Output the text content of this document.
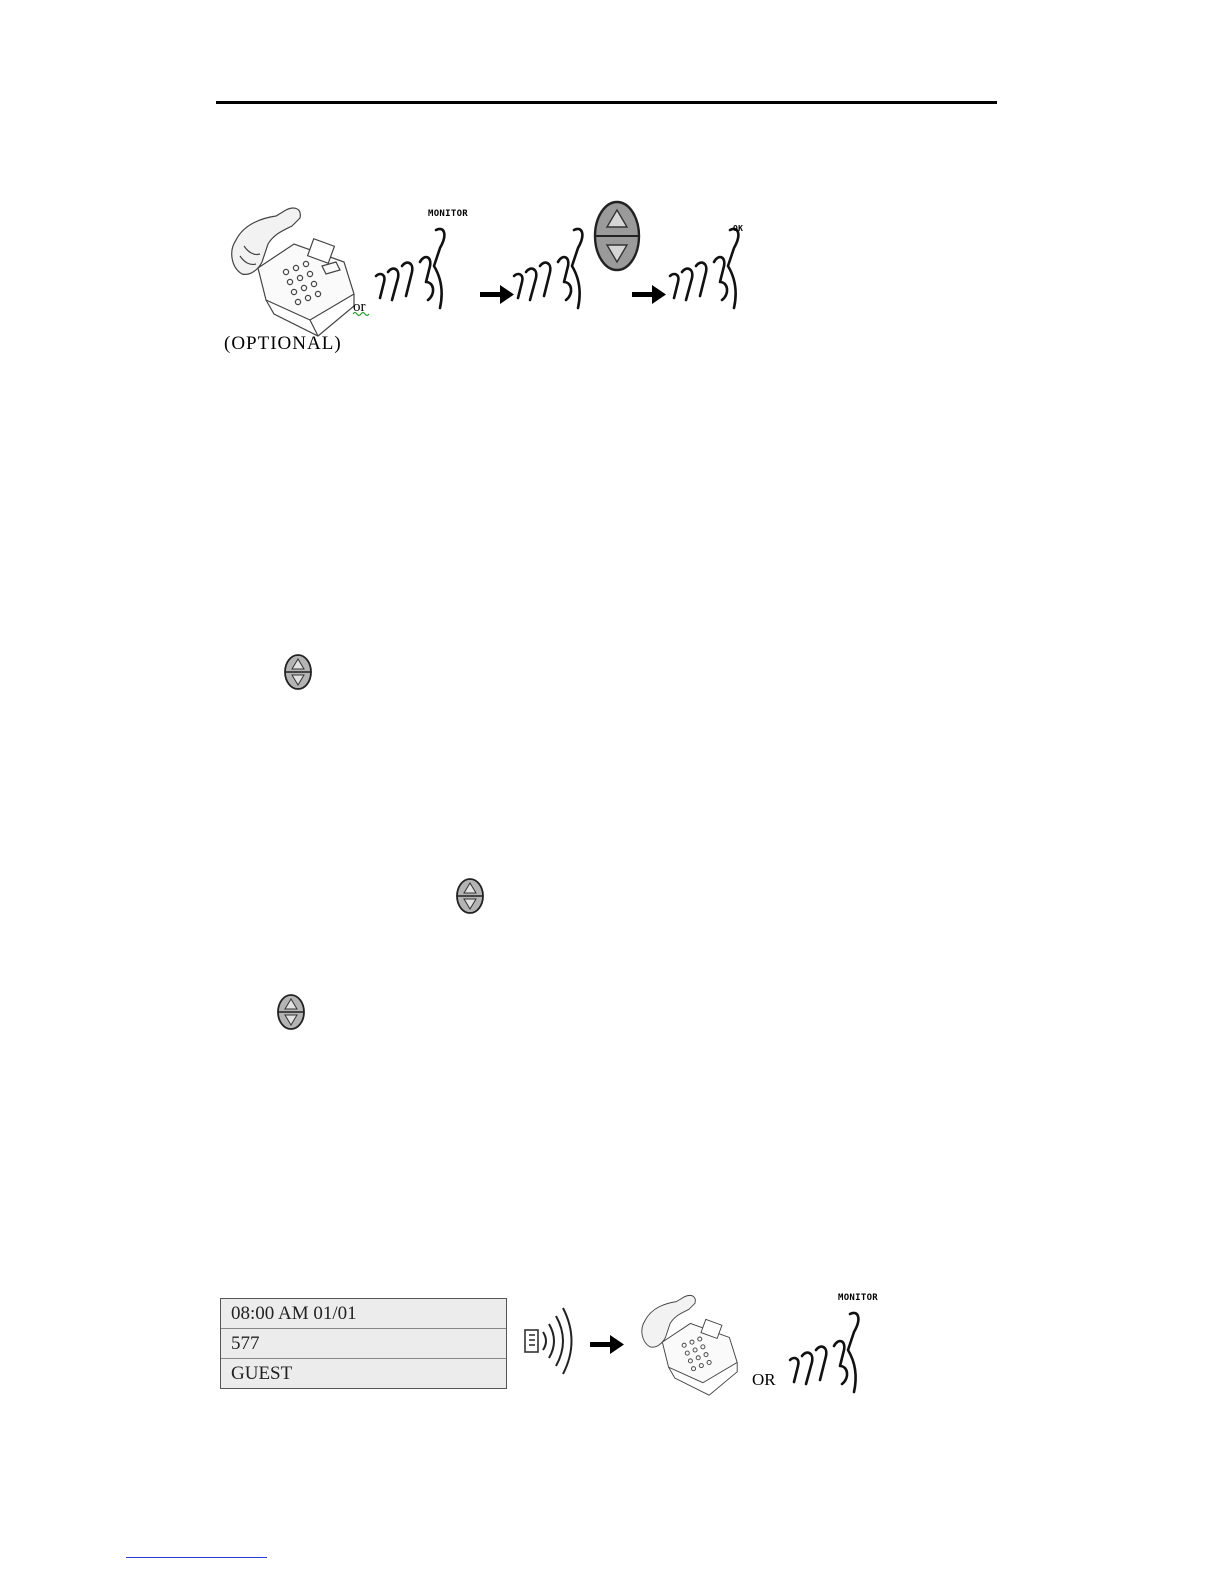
MONITOR
OK
or
(OPTIONAL)
08:00 AM 01/01
577
GUEST
MONITOR
OR
